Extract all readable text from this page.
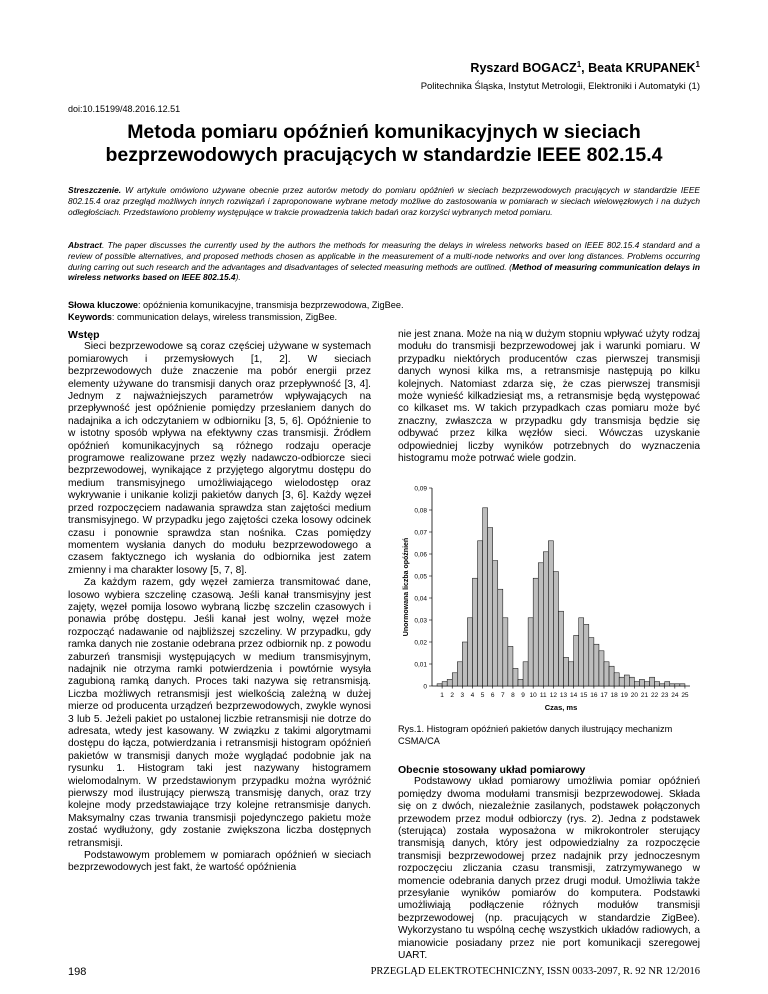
Ryszard BOGACZ$^1$, Beata KRUPANEK$^1$
Politechnika Śląska, Instytut Metrologii, Elektroniki i Automatyki (1)
doi:10.15199/48.2016.12.51
Metoda pomiaru opóźnień komunikacyjnych w sieciach
bezprzewodowych pracujących w standardzie IEEE 802.15.4
Streszczenie. W artykule omówiono używane obecnie przez autorów metody do pomiaru opóźnień w sieciach bezprzewodowych pracujących w standardzie IEEE 802.15.4 oraz przegląd możliwych innych rozwiązań i zaproponowane wybrane metody możliwe do zastosowania w pomiarach w sieciach wielowęzłowych i na dużych odległościach. Przedstawiono problemy występujące w trakcie prowadzenia takich badań oraz korzyści wybranych metod pomiaru.
Abstract. The paper discusses the currently used by the authors the methods for measuring the delays in wireless networks based on IEEE 802.15.4 standard and a review of possible alternatives, and proposed methods chosen as applicable in the measurement of a multi-node networks and over long distances. Problems occurring during carring out such research and the advantages and disadvantages of selected measuring methods are outlined. (Method of measuring communication delays in wireless networks based on IEEE 802.15.4).
Słowa kluczowe: opóźnienia komunikacyjne, transmisja bezprzewodowa, ZigBee.
Keywords: communication delays, wireless transmission, ZigBee.
Wstęp

Sieci bezprzewodowe są coraz częściej używane w systemach pomiarowych i przemysłowych [1, 2]. W sieciach bezprzewodowych duże znaczenie ma pobór energii przez elementy używane do transmisji danych oraz przepływność [3, 4]. Jednym z najważniejszych parametrów wpływających na przepływność jest opóźnienie pomiędzy przesłaniem danych do nadajnika a ich odczytaniem w odbiorniku [3, 5, 6]. Opóźnienie to w istotny sposób wpływa na efektywny czas transmisji. Źródłem opóźnień komunikacyjnych są różnego rodzaju operacje programowe realizowane przez węzły nadawczo-odbiorcze sieci bezprzewodowej, wynikające z przyjętego algorytmu dostępu do medium transmisyjnego umożliwiającego wielodostęp oraz wykrywanie i unikanie kolizji pakietów danych [3, 6]. Każdy węzeł przed rozpoczęciem nadawania sprawdza stan zajętości medium transmisyjnego. W przypadku jego zajętości czeka losowy odcinek czasu i ponownie sprawdza stan nośnika. Czas pomiędzy momentem wysłania danych do modułu bezprzewodowego a czasem faktycznego ich wysłania do odbiornika jest zatem zmienny i ma charakter losowy [5, 7, 8].

Za każdym razem, gdy węzeł zamierza transmitować dane, losowo wybiera szczelinę czasową. Jeśli kanał transmisyjny jest zajęty, węzeł pomija losowo wybraną liczbę szczelin czasowych i ponawia próbę dostępu. Jeśli kanał jest wolny, węzeł może rozpocząć nadawanie od najbliższej szczeliny. W przypadku, gdy ramka danych nie zostanie odebrana przez odbiornik np. z powodu zaburzeń transmisji występujących w medium transmisyjnym, nadajnik nie otrzyma ramki potwierdzenia i powtórnie wysyła zagubioną ramką danych. Proces taki nazywa się retransmisją. Liczba możliwych retransmisji jest wielkością zależną w dużej mierze od producenta urządzeń bezprzewodowych, zwykle wynosi 3 lub 5. Jeżeli pakiet po ustalonej liczbie retransmisji nie dotrze do adresata, wtedy jest kasowany. W związku z takimi algorytmami dostępu do łącza, potwierdzania i retransmisji histogram opóźnień pakietów w transmisji danych może wyglądać podobnie jak na rysunku 1. Histogram taki jest nazywany histogramem wielomodalnym. W przedstawionym przypadku można wyróżnić pierwszy mod ilustrujący pierwszą transmisję danych, oraz trzy kolejne mody przedstawiające trzy kolejne retransmisje danych. Maksymalny czas trwania transmisji pojedynczego pakietu może zostać wydłużony, gdy zostanie zwiększona liczba dostępnych retransmisji.

Podstawowym problemem w pomiarach opóźnień w sieciach bezprzewodowych jest fakt, że wartość opóźnienia

nie jest znana. Może na nią w dużym stopniu wpływać użyty rodzaj modułu do transmisji bezprzewodowej jak i warunki pomiaru. W przypadku niektórych producentów czas pierwszej transmisji danych wynosi kilka ms, a retransmisje następują po kilku kolejnych. Natomiast zdarza się, że czas pierwszej transmisji może wynieść kilkadziesiąt ms, a retransmisje będą występować co kilkaset ms. W takich przypadkach czas pomiaru może być znaczny, zwłaszcza w przypadku gdy transmisja będzie się odbywać przez kilka węzłów sieci. Wówczas uzyskanie odpowiedniej liczby wyników potrzebnych do wyznaczenia histogramu może potrwać wiele godzin.

0
0,01
0,02
0,03
0,04
0,05
0,06
0,07
0,08
0,09
1 2 3 4 5 6 7 8 9 10 11 12 13 14 15 16 17 18 19 20 21 22 23 24 25
Unormowana liczba opóźnień
Czas, ms
Rys.1. Histogram opóźnień pakietów danych ilustrujący mechanizm CSMA/CA
Obecnie stosowany układ pomiarowy

Podstawowy układ pomiarowy umożliwia pomiar opóźnień pomiędzy dwoma modułami transmisji bezprzewodowej. Składa się on z dwóch, niezależnie zasilanych, podstawek połączonych przewodem przez moduł odbiorczy (rys. 2). Jedna z podstawek (sterująca) została wyposażona w mikrokontroler sterujący transmisją danych, który jest odpowiedzialny za rozpoczęcie transmisji bezprzewodowej przez nadajnik przy jednoczesnym rozpoczęciu zliczania czasu transmisji, zatrzymywanego w momencie odebrania danych przez drugi moduł. Umożliwia także przesyłanie wyników pomiarów do komputera. Podstawki umożliwiają podłączenie różnych modułów transmisji bezprzewodowej (np. pracujących w standardzie ZigBee). Wykorzystano tu wspólną cechę wszystkich układów radiowych, a mianowicie posiadany przez nie port komunikacji szeregowej UART.

198	PRZEGLĄD ELEKTROTECHNICZNY, ISSN 0033-2097, R. 92 NR 12/2016
